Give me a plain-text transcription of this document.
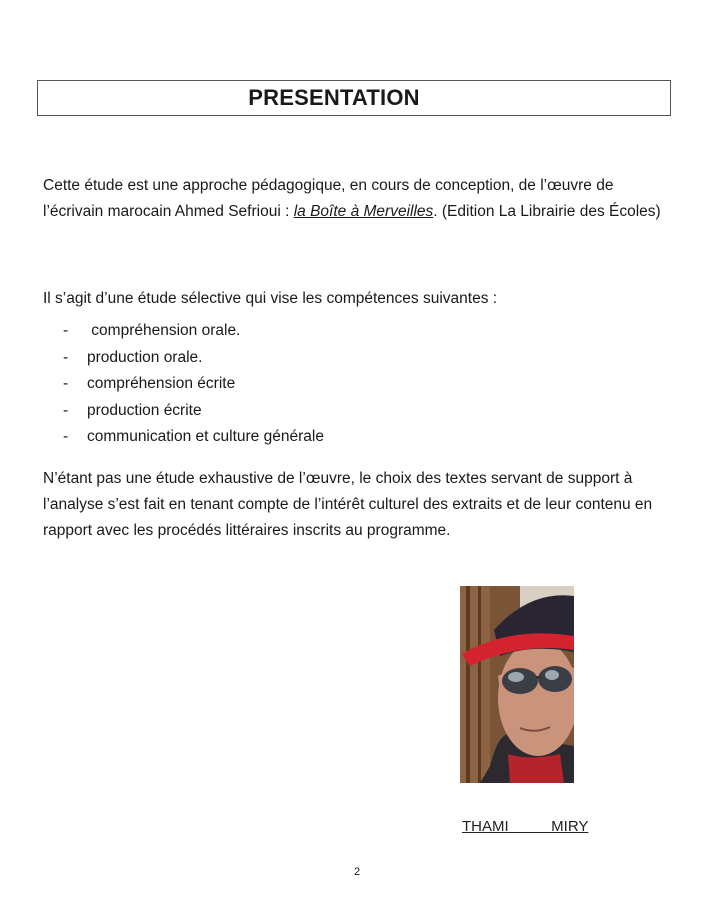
PRESENTATION

Cette étude est une approche pédagogique, en cours de conception, de l’œuvre de l’écrivain marocain Ahmed Sefrioui : la Boîte à Merveilles. (Edition La Librairie des Écoles)

Il s’agit d’une étude sélective qui vise les compétences suivantes :

- compréhension orale.
- production orale.
- compréhension écrite
- production écrite
- communication et culture générale

N’étant pas une étude exhaustive de l’œuvre, le choix des textes servant de support à l’analyse s’est fait en tenant compte de l’intérêt culturel des extraits et de leur contenu en rapport avec les procédés littéraires inscrits au programme.

THAMI   MIRY
2
